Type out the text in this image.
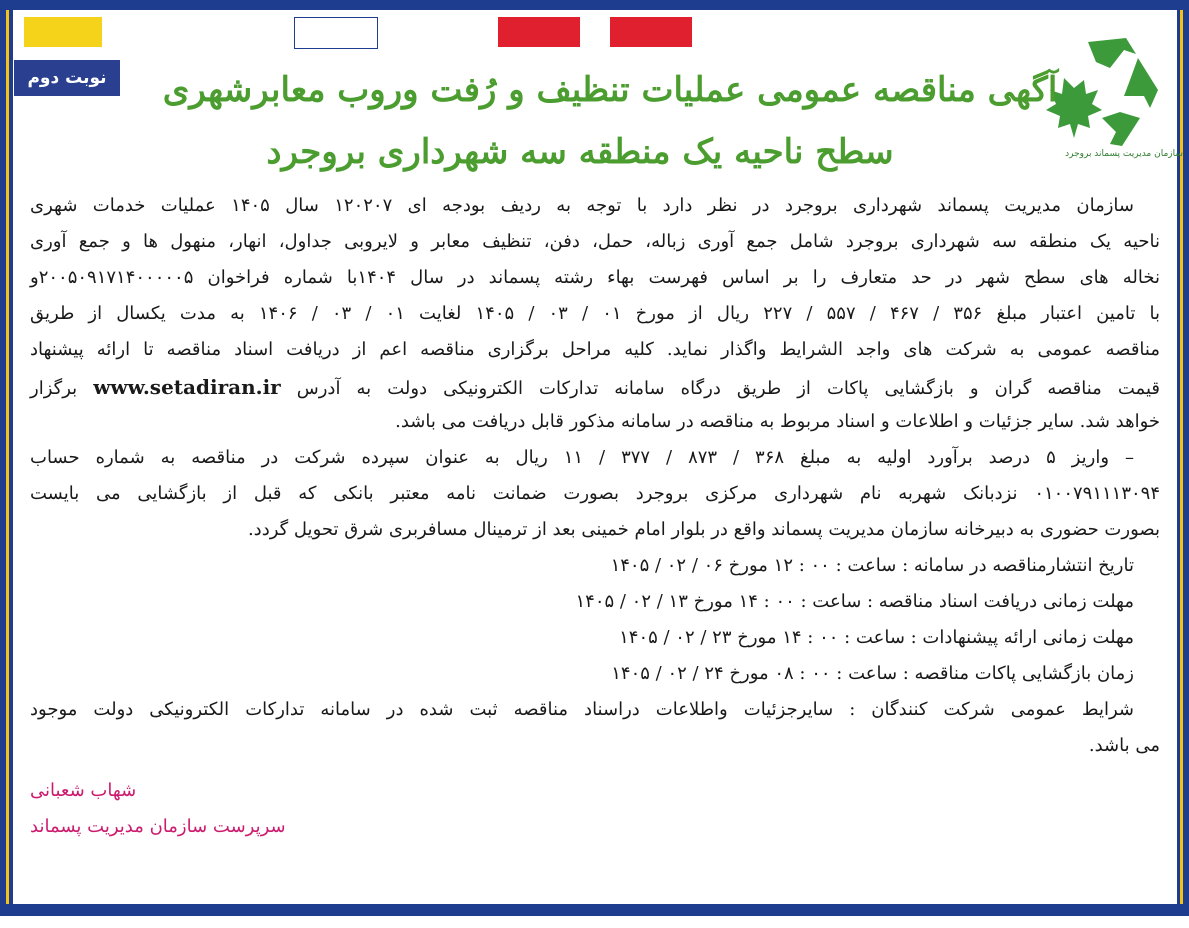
نوبت دوم
سازمان مدیریت پسماند بروجرد
آگهی مناقصه عمومی عملیات تنظیف و رُفت وروب معابرشهری
سطح ناحیه یک منطقه سه شهرداری بروجرد
سازمان مدیریت پسماند شهرداری بروجرد در نظر دارد با توجه به ردیف بودجه ای ۱۲۰۲۰۷ سال ۱۴۰۵ عملیات خدمات شهری
ناحیه یک منطقه سه شهرداری بروجرد شامل جمع آوری زباله، حمل، دفن، تنظیف معابر و لایروبی جداول، انهار، منهول ها و جمع آوری
نخاله های سطح شهر در حد متعارف را بر اساس فهرست بهاء رشته پسماند در سال ۱۴۰۴با شماره فراخوان ۲۰۰۵۰۹۱۷۱۴۰۰۰۰۰۵و
با تامین اعتبار مبلغ ۳۵۶ / ۴۶۷ / ۵۵۷ / ۲۲۷ ریال از مورخ ۰۱ / ۰۳ / ۱۴۰۵ لغایت ۰۱ / ۰۳ / ۱۴۰۶ به مدت یکسال از طریق
مناقصه عمومی به شرکت های واجد الشرایط واگذار نماید. کلیه مراحل برگزاری مناقصه اعم از دریافت اسناد مناقصه تا ارائه پیشنهاد
قیمت مناقصه گران و بازگشایی پاکات از طریق درگاه سامانه تدارکات الکترونیکی دولت به آدرس www.setadiran.ir برگزار
خواهد شد. سایر جزئیات و اطلاعات و اسناد مربوط به مناقصه در سامانه مذکور قابل دریافت می باشد.
– واریز ۵ درصد برآورد اولیه به مبلغ ۳۶۸ / ۸۷۳ / ۳۷۷ / ۱۱ ریال به عنوان سپرده شرکت در مناقصه به شماره حساب
۰۱۰۰۷۹۱۱۱۳۰۹۴ نزدبانک شهربه نام شهرداری مرکزی بروجرد بصورت ضمانت نامه معتبر بانکی که قبل از بازگشایی می بایست
بصورت حضوری به دبیرخانه سازمان مدیریت پسماند واقع در بلوار امام خمینی بعد از ترمینال مسافربری شرق تحویل گردد.
تاریخ انتشارمناقصه در سامانه : ساعت : ۰۰ : ۱۲ مورخ ۰۶ / ۰۲ / ۱۴۰۵
مهلت زمانی دریافت اسناد مناقصه : ساعت : ۰۰ : ۱۴ مورخ ۱۳ / ۰۲ / ۱۴۰۵
مهلت زمانی ارائه پیشنهادات : ساعت : ۰۰ : ۱۴ مورخ ۲۳ / ۰۲ / ۱۴۰۵
زمان بازگشایی پاکات مناقصه : ساعت : ۰۰ : ۰۸ مورخ ۲۴ / ۰۲ / ۱۴۰۵
شرایط عمومی شرکت کنندگان : سایرجزئیات واطلاعات دراسناد مناقصه ثبت شده در سامانه تدارکات الکترونیکی دولت موجود
می باشد.
شهاب شعبانی
سرپرست سازمان مدیریت پسماند
